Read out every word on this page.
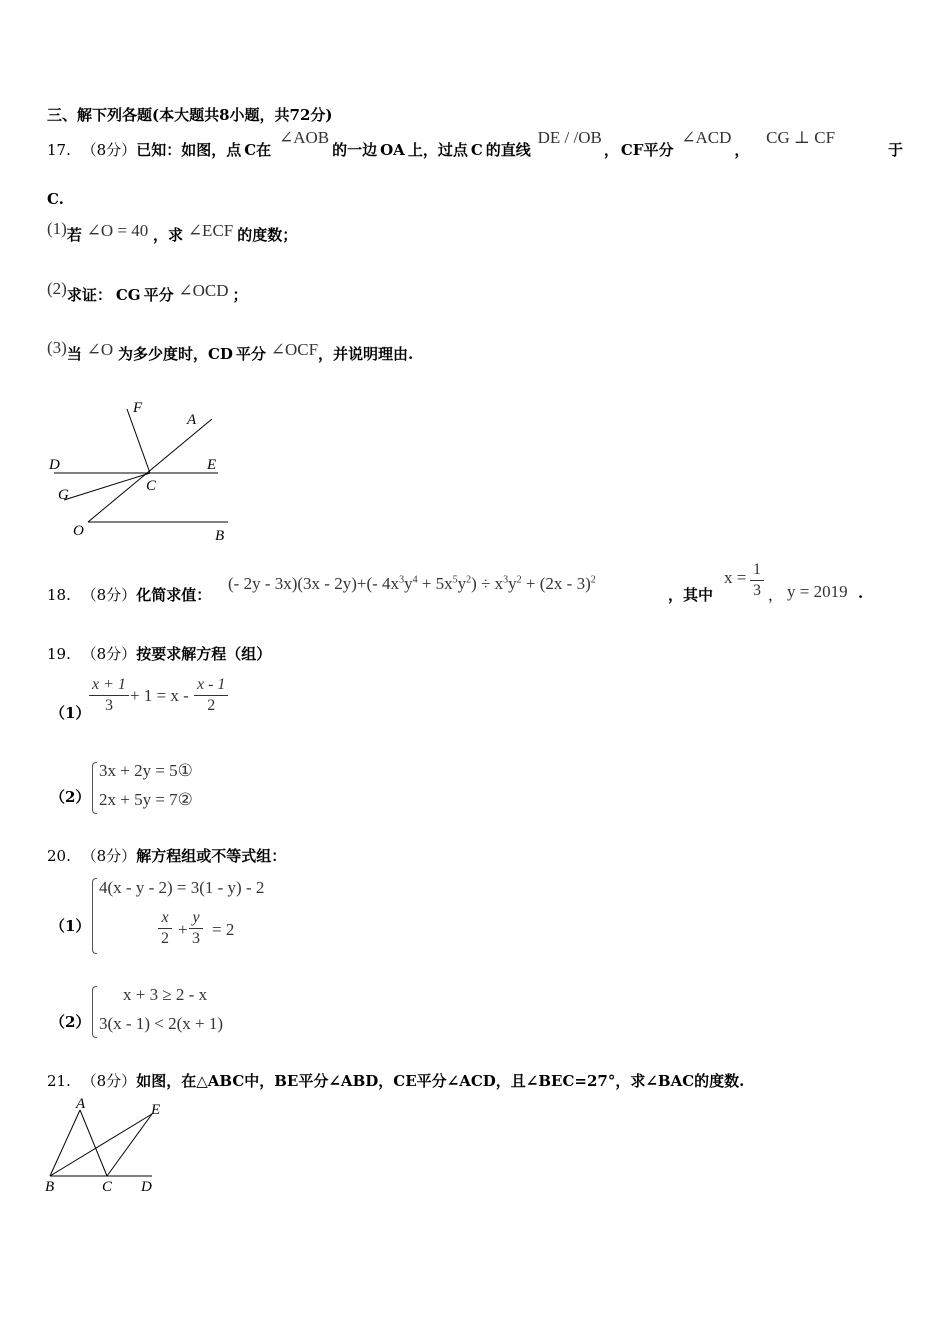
三、解下列各题(本大题共8小题，共72分)
17. （8分）已知：如图，点 C在 ∠AOB的一边 OA 上，过点 C 的直线 DE / /OB， CF平分 ∠ACD， CG ⊥ CF
于
C.
(1)若 ∠O = 40 ，求 ∠ECF 的度数；
(2)求证： CG 平分 ∠OCD ；
(3)当 ∠O 为多少度时，CD 平分 ∠OCF，并说明理由.
F
A
D	E
G
C
O	B
18. （8分）化简求值：
(- 2y - 3x)(3x - 2y)+(- $4x^3y^4 + 5x^5y^2) \div x^3y^2 + (2x - 3)^2$
，其中
$x = \frac{1}{3}$ ， y = 2019 .
19. （8分）按要求解方程（组）
（1）
$\frac{x + 1}{3} + 1 = x - \frac{x - 1}{2}$
（2）
3x + 2y = 5①
2x + 5y = 7②
20. （8分）解方程组或不等式组：
（1）
4(x - y - 2) = 3(1 - y) - 2
$\frac{x}{2} + \frac{y}{3} = 2$
（2）
x + 3 ≥ 2 - x
3(x - 1) < 2(x + 1)
21. （8分）如图，在△ABC中，BE平分∠ABD，CE平分∠ACD，且∠BEC=27°，求∠BAC的度数.
A	E
B	C D
